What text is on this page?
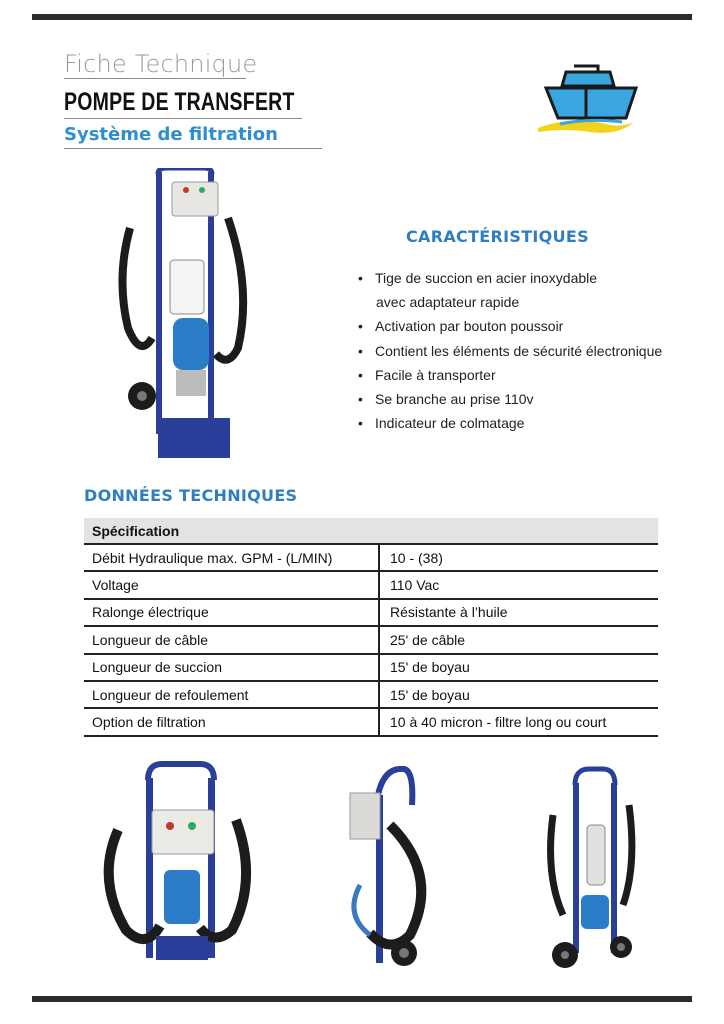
Fiche Technique
POMPE DE TRANSFERT
Système de filtration
CARACTÉRISTIQUES
• Tige de succion en acier inoxydable
avec adaptateur rapide
• Activation par bouton poussoir
• Contient les éléments de sécurité électronique
• Facile à transporter
• Se branche au prise 110v
• Indicateur de colmatage
DONNÉES TECHNIQUES
Spécification	
Débit Hydraulique max. GPM - (L/MIN)	10 - (38)
Voltage	110 Vac
Ralonge électrique	Résistante à l’huile
Longueur de câble	25' de câble
Longueur de succion	15' de boyau
Longueur de refoulement	15' de boyau
Option de filtration	10 à 40 micron - filtre long ou court
